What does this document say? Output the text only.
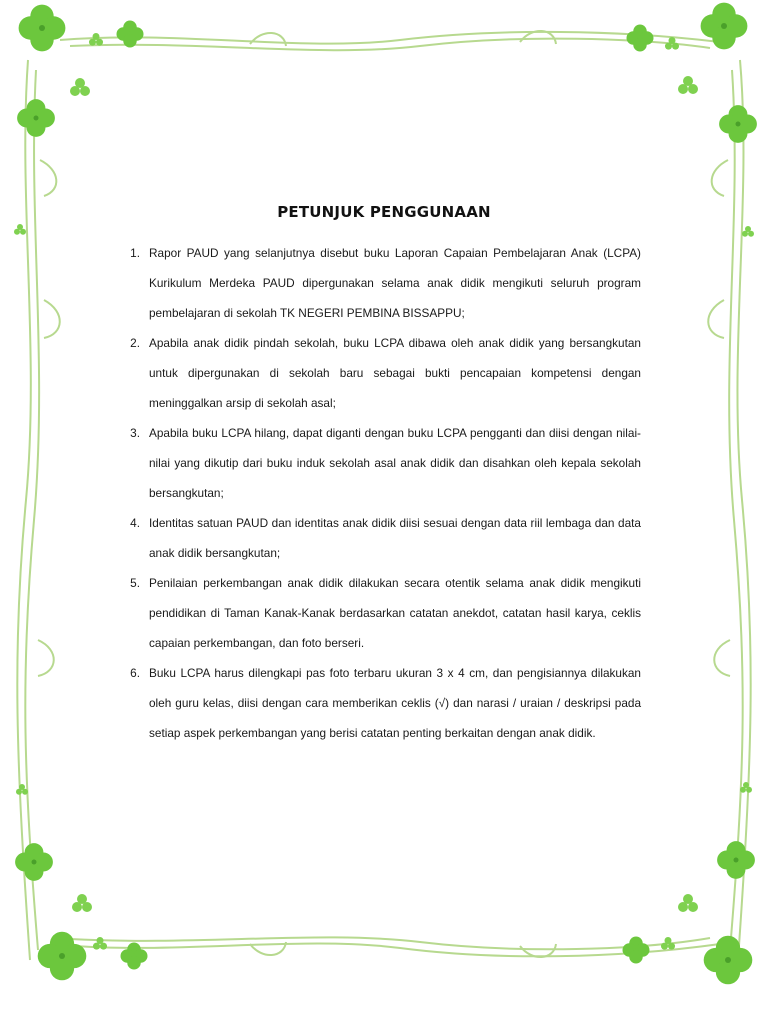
PETUNJUK PENGGUNAAN
1. Rapor PAUD yang selanjutnya disebut buku Laporan Capaian Pembelajaran Anak (LCPA) Kurikulum Merdeka PAUD dipergunakan selama anak didik mengikuti seluruh program pembelajaran di sekolah TK NEGERI PEMBINA BISSAPPU;
2. Apabila anak didik pindah sekolah, buku LCPA dibawa oleh anak didik yang bersangkutan untuk dipergunakan di sekolah baru sebagai bukti pencapaian kompetensi dengan meninggalkan arsip di sekolah asal;
3. Apabila buku LCPA hilang, dapat diganti dengan buku LCPA pengganti dan diisi dengan nilai-nilai yang dikutip dari buku induk sekolah asal anak didik dan disahkan oleh kepala sekolah bersangkutan;
4. Identitas satuan PAUD dan identitas anak didik diisi sesuai dengan data riil lembaga dan data anak didik bersangkutan;
5. Penilaian perkembangan anak didik dilakukan secara otentik selama anak didik mengikuti pendidikan di Taman Kanak-Kanak berdasarkan catatan anekdot, catatan hasil karya, ceklis capaian perkembangan, dan foto berseri.
6. Buku LCPA harus dilengkapi pas foto terbaru ukuran 3 x 4 cm, dan pengisiannya dilakukan oleh guru kelas, diisi dengan cara memberikan ceklis (√) dan narasi / uraian / deskripsi pada setiap aspek perkembangan yang berisi catatan penting berkaitan dengan anak didik.
